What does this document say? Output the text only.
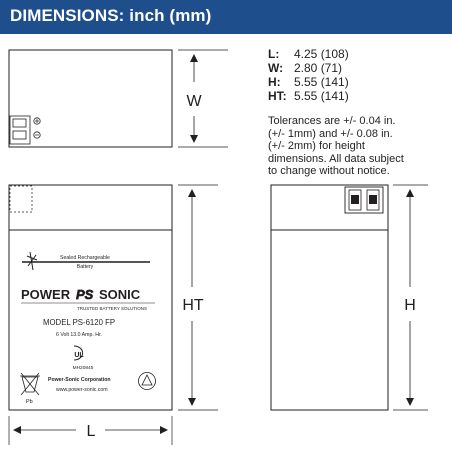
DIMENSIONS: inch (mm)
L: 4.25 (108)
W: 2.80 (71)
H: 5.55 (141)
HT: 5.55 (141)
Tolerances are +/- 0.04 in.
(+/- 1mm) and +/- 0.08 in.
(+/- 2mm) for height
dimensions. All data subject
to change without notice.
W
Sealed Rechargeable
Battery
POWER PS SONIC
TRUSTED BATTERY SOLUTIONS
MODEL PS-6120 FP
6 Volt 13.0 Amp. Hr.
UL
MH20845
Pb
Power-Sonic Corporation
www.power-sonic.com
HT	H
L
